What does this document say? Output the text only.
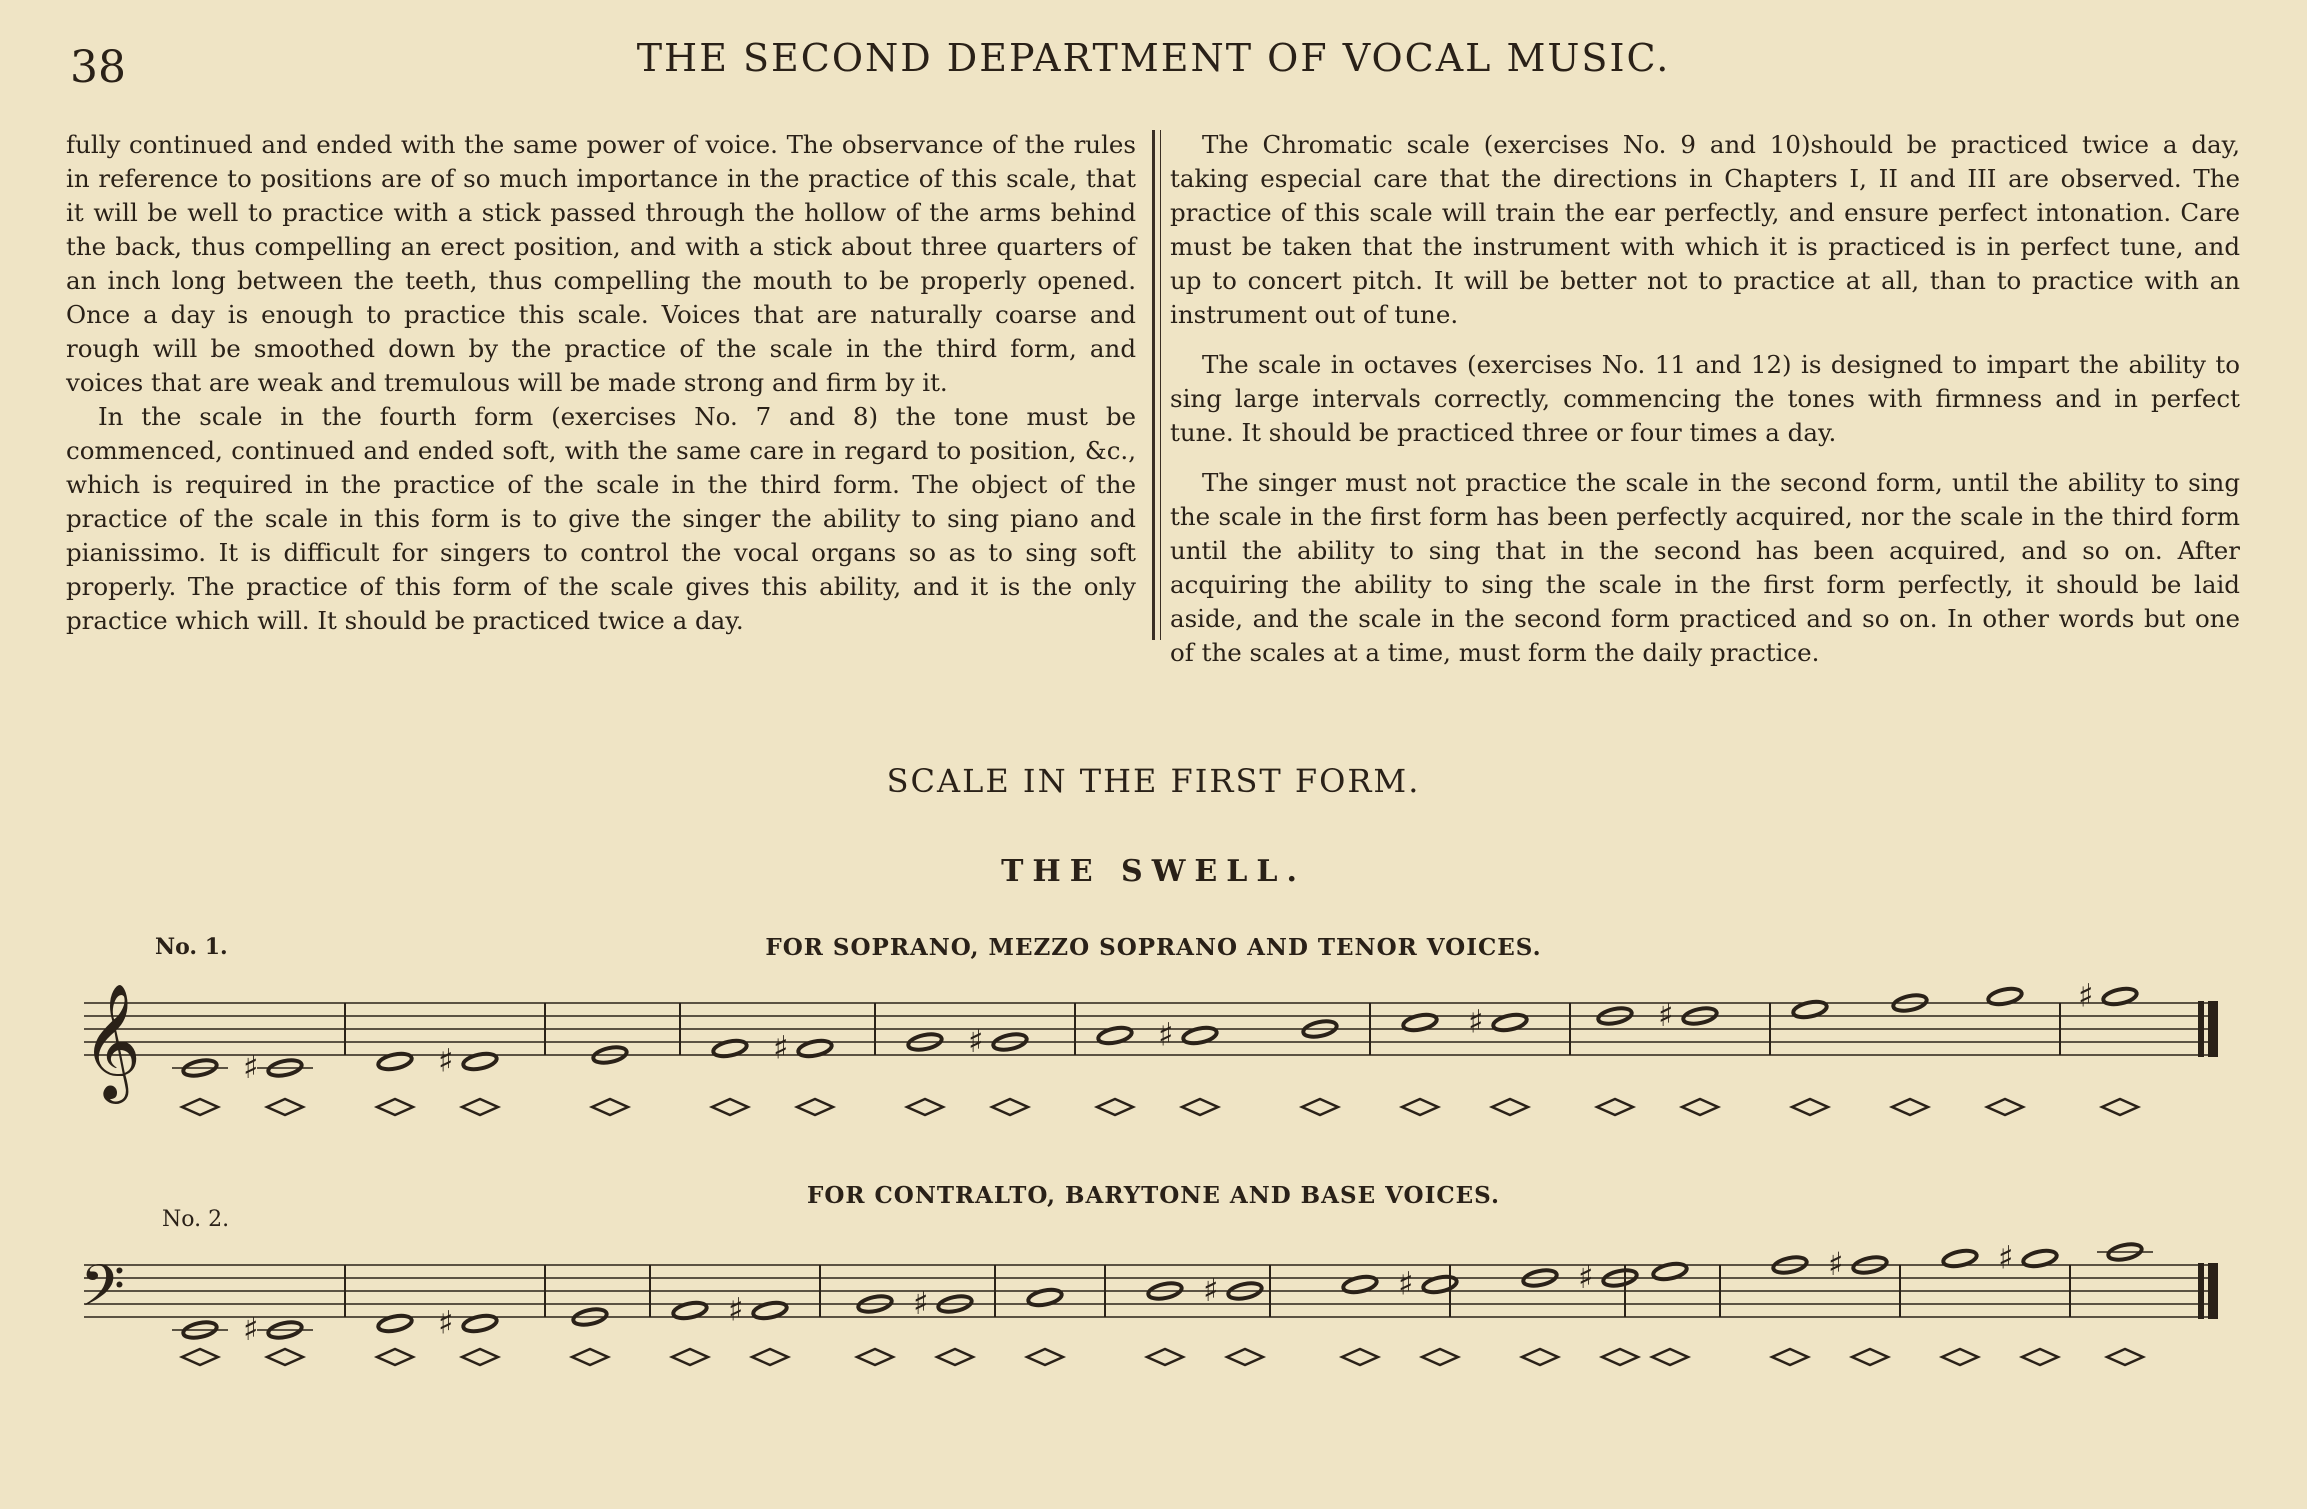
38	THE SECOND DEPARTMENT OF VOCAL MUSIC.

fully continued and ended with the same power of voice. The observance of the rules in reference to positions are of so much importance in the practice of this scale, that it will be well to practice with a stick passed through the hollow of the arms behind the back, thus compelling an erect position, and with a stick about three quarters of an inch long between the teeth, thus compelling the mouth to be properly opened. Once a day is enough to practice this scale. Voices that are naturally coarse and rough will be smoothed down by the practice of the scale in the third form, and voices that are weak and tremulous will be made strong and firm by it.

In the scale in the fourth form (exercises No. 7 and 8) the tone must be commenced, continued and ended soft, with the same care in regard to position, &c., which is required in the practice of the scale in the third form. The object of the practice of the scale in this form is to give the singer the ability to sing piano and pianissimo. It is difficult for singers to control the vocal organs so as to sing soft properly. The practice of this form of the scale gives this ability, and it is the only practice which will. It should be practiced twice a day.

The Chromatic scale (exercises No. 9 and 10)should be practiced twice a day, taking especial care that the directions in Chapters I, II and III are observed. The practice of this scale will train the ear perfectly, and ensure perfect intonation. Care must be taken that the instrument with which it is practiced is in perfect tune, and up to concert pitch. It will be better not to practice at all, than to practice with an instrument out of tune.

The scale in octaves (exercises No. 11 and 12) is designed to impart the ability to sing large intervals correctly, commencing the tones with firmness and in perfect tune. It should be practiced three or four times a day.

The singer must not practice the scale in the second form, until the ability to sing the scale in the first form has been perfectly acquired, nor the scale in the third form until the ability to sing that in the second has been acquired, and so on. After acquiring the ability to sing the scale in the first form perfectly, it should be laid aside, and the scale in the second form practiced and so on. In other words but one of the scales at a time, must form the daily practice.

SCALE IN THE FIRST FORM.
THE SWELL.
No. 1.	FOR SOPRANO, MEZZO SOPRANO AND TENOR VOICES.
𝄞	♯	♯	♯	♯	♯	♯	♯
♯
FOR CONTRALTO, BARYTONE AND BASE VOICES.
No. 2.
𝄢	♯	♯	♯	♯	♯	♯	♯	♯	♯
